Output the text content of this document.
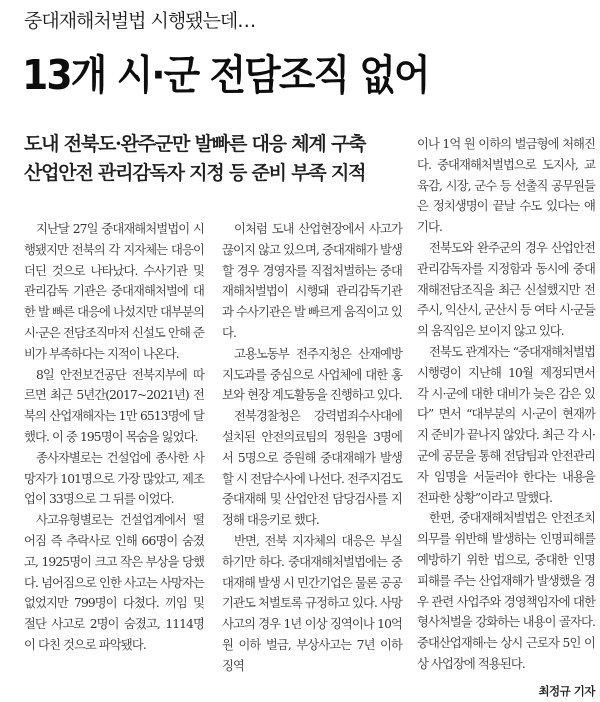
중대재해처벌법 시행됐는데…
13개 시·군 전담조직 없어
도내 전북도·완주군만 발빠른 대응 체계 구축
산업안전 관리감독자 지정 등 준비 부족 지적

지난달 27일 중대재해처벌법이 시행됐지만 전북의 각 지자체는 대응이 더딘 것으로 나타났다. 수사기관 및 관리감독 기관은 중대재해처벌에 대한 발 빠른 대응에 나섰지만 대부분의 시·군은 전담조직마저 신설도 안해 준비가 부족하다는 지적이 나온다.

8일 안전보건공단 전북지부에 따르면 최근 5년간(2017~2021년) 전북의 산업재해자는 1만 6513명에 달했다. 이 중 195명이 목숨을 잃었다.

종사자별로는 건설업에 종사한 사망자가 101명으로 가장 많았고, 제조업이 33명으로 그 뒤를 이었다.

사고유형별로는 건설업계에서 떨어짐 즉 추락사로 인해 66명이 숨졌고, 1925명이 크고 작은 부상을 당했다. 넘어짐으로 인한 사고는 사망자는 없었지만 799명이 다쳤다. 끼임 및 절단 사고로 2명이 숨졌고, 1114명이 다친 것으로 파악됐다.

이처럼 도내 산업현장에서 사고가 끊이지 않고 있으며, 중대재해가 발생할 경우 경영자를 직접처벌하는 중대재해처벌법이 시행돼 관리감독기관과 수사기관은 발 빠르게 움직이고 있다.

고용노동부 전주지청은 산재예방지도과를 중심으로 사업체에 대한 홍보와 현장 계도활동을 진행하고 있다.

전북경찰청은 강력범죄수사대에 설치된 안전의료팀의 정원을 3명에서 5명으로 증원해 중대재해가 발생할 시 전담수사에 나선다. 전주지검도 중대재해 및 산업안전 담당검사를 지정해 대응키로 했다.

반면, 전북 지자체의 대응은 부실하기만 하다. 중대재해처벌법에는 중대재해 발생 시 민간기업은 물론 공공기관도 처벌토록 규정하고 있다. 사망사고의 경우 1년 이상 징역이나 10억 원 이하 벌금, 부상사고는 7년 이하 징역

이나 1억 원 이하의 벌금형에 처해진다. 중대재해처벌법으로 도지사, 교육감, 시장, 군수 등 선출직 공무원들은 정치생명이 끝날 수도 있다는 얘기다.

전북도와 완주군의 경우 산업안전 관리감독자를 지정함과 동시에 중대재해전담조직을 최근 신설했지만 전주시, 익산시, 군산시 등 여타 시·군들의 움직임은 보이지 않고 있다.

전북도 관계자는 “중대재해처벌법 시행령이 지난해 10월 제정되면서 각 시·군에 대한 대비가 늦은 감은 있다” 면서 “대부분의 시·군이 현재까지 준비가 끝나지 않았다. 최근 각 시·군에 공문을 통해 전담팀과 안전관리자 임명을 서둘러야 한다는 내용을 전파한 상황”이라고 말했다.

한편, 중대재해처벌법은 안전조치 의무를 위반해 발생하는 인명피해를 예방하기 위한 법으로, 중대한 인명피해를 주는 산업재해가 발생했을 경우 관련 사업주와 경영책임자에 대한 형사처벌을 강화하는 내용이 골자다. 중대산업재해·는 상시 근로자 5인 이상 사업장에 적용된다.

최정규 기자
